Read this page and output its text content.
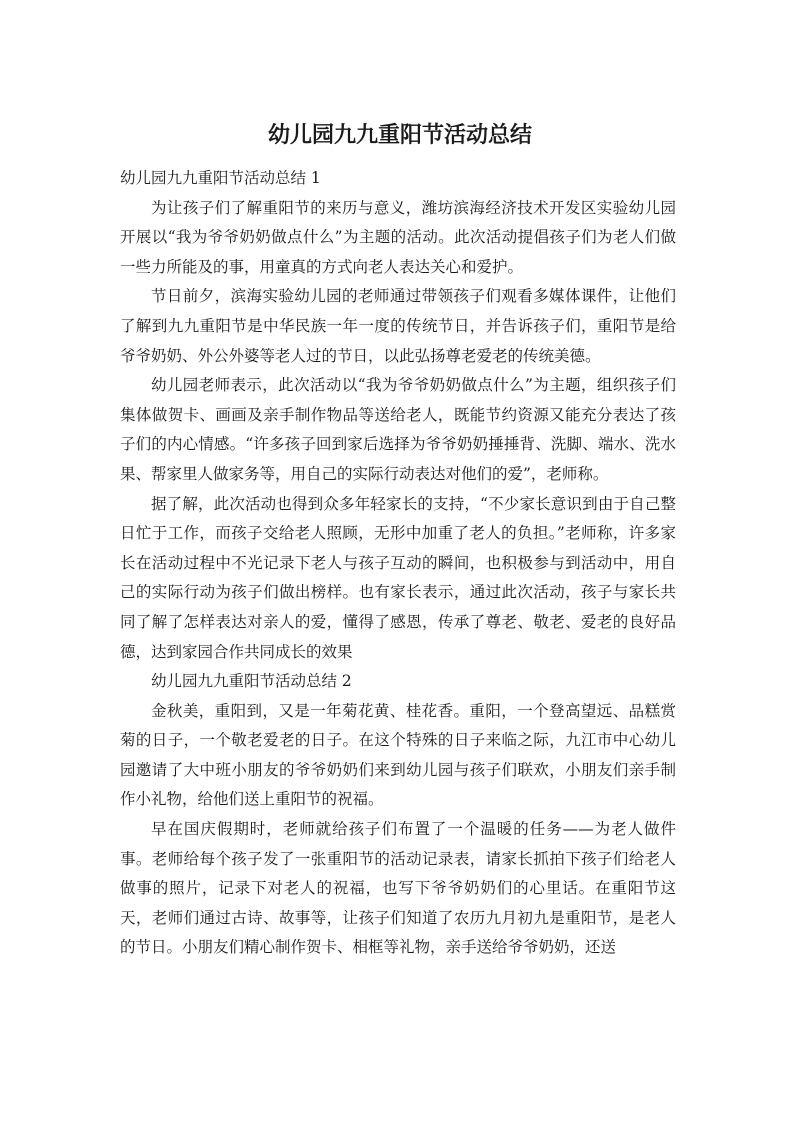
幼儿园九九重阳节活动总结

幼儿园九九重阳节活动总结 1

为让孩子们了解重阳节的来历与意义，潍坊滨海经济技术开发区实验幼儿园开展以“我为爷爷奶奶做点什么”为主题的活动。此次活动提倡孩子们为老人们做一些力所能及的事，用童真的方式向老人表达关心和爱护。

节日前夕，滨海实验幼儿园的老师通过带领孩子们观看多媒体课件，让他们了解到九九重阳节是中华民族一年一度的传统节日，并告诉孩子们，重阳节是给爷爷奶奶、外公外婆等老人过的节日，以此弘扬尊老爱老的传统美德。

幼儿园老师表示，此次活动以“我为爷爷奶奶做点什么”为主题，组织孩子们集体做贺卡、画画及亲手制作物品等送给老人，既能节约资源又能充分表达了孩子们的内心情感。“许多孩子回到家后选择为爷爷奶奶捶捶背、洗脚、端水、洗水果、帮家里人做家务等，用自己的实际行动表达对他们的爱”，老师称。

据了解，此次活动也得到众多年轻家长的支持，“不少家长意识到由于自己整日忙于工作，而孩子交给老人照顾，无形中加重了老人的负担。”老师称，许多家长在活动过程中不光记录下老人与孩子互动的瞬间，也积极参与到活动中，用自己的实际行动为孩子们做出榜样。也有家长表示，通过此次活动，孩子与家长共同了解了怎样表达对亲人的爱，懂得了感恩，传承了尊老、敬老、爱老的良好品德，达到家园合作共同成长的效果

幼儿园九九重阳节活动总结 2

金秋美，重阳到，又是一年菊花黄、桂花香。重阳，一个登高望远、品糕赏菊的日子，一个敬老爱老的日子。在这个特殊的日子来临之际，九江市中心幼儿园邀请了大中班小朋友的爷爷奶奶们来到幼儿园与孩子们联欢，小朋友们亲手制作小礼物，给他们送上重阳节的祝福。

早在国庆假期时，老师就给孩子们布置了一个温暖的任务——为老人做件事。老师给每个孩子发了一张重阳节的活动记录表，请家长抓拍下孩子们给老人做事的照片，记录下对老人的祝福，也写下爷爷奶奶们的心里话。在重阳节这天，老师们通过古诗、故事等，让孩子们知道了农历九月初九是重阳节，是老人的节日。小朋友们精心制作贺卡、相框等礼物，亲手送给爷爷奶奶，还送
